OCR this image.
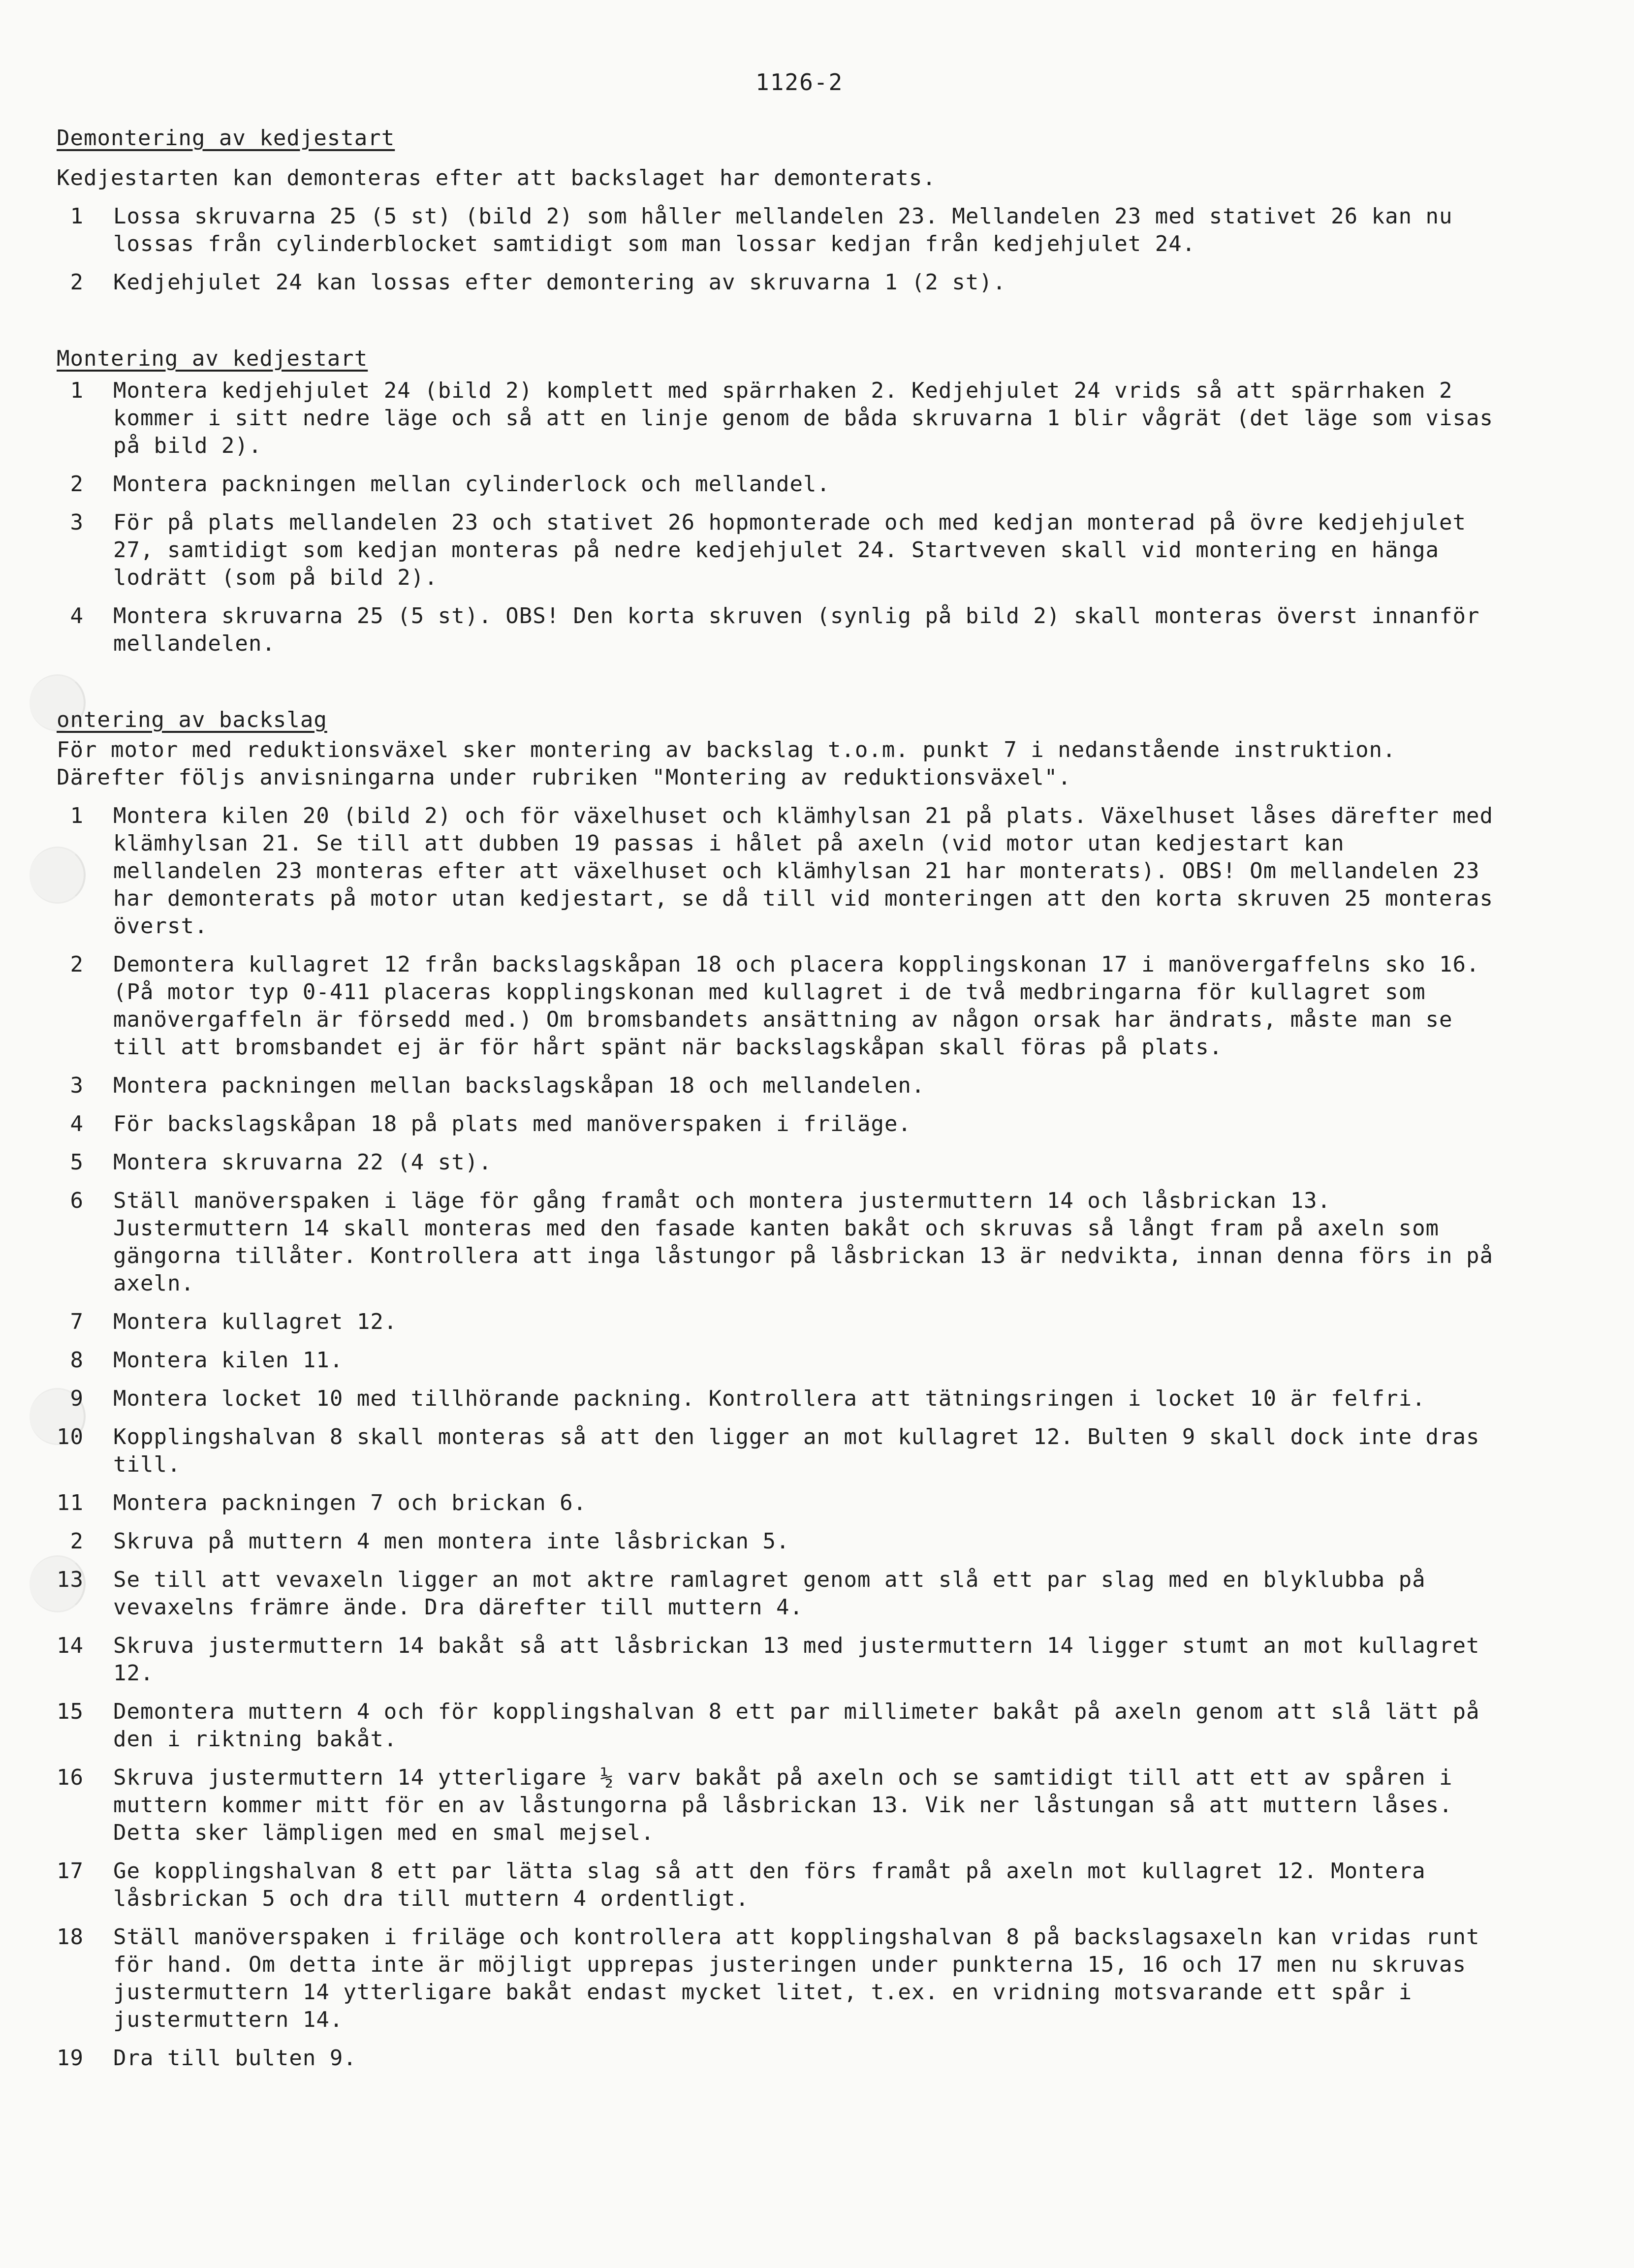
1126-2

Demontering av kedjestart

Kedjestarten kan demonteras efter att backslaget har demonterats.

1	Lossa skruvarna 25 (5 st) (bild 2) som håller mellandelen 23. Mellandelen 23 med stativet 26 kan nu lossas från cylinderblocket samtidigt som man lossar kedjan från kedjehjulet 24.
2	Kedjehjulet 24 kan lossas efter demontering av skruvarna 1 (2 st).

Montering av kedjestart

1	Montera kedjehjulet 24 (bild 2) komplett med spärrhaken 2. Kedjehjulet 24 vrids så att spärrhaken 2 kommer i sitt nedre läge och så att en linje genom de båda skruvarna 1 blir vågrät (det läge som visas på bild 2).
2	Montera packningen mellan cylinderlock och mellandel.
3	För på plats mellandelen 23 och stativet 26 hopmonterade och med kedjan monterad på övre kedjehjulet 27, samtidigt som kedjan monteras på nedre kedjehjulet 24. Startveven skall vid montering en hänga lodrätt (som på bild 2).
4	Montera skruvarna 25 (5 st). OBS! Den korta skruven (synlig på bild 2) skall monteras överst innanför mellandelen.

ontering av backslag

För motor med reduktionsväxel sker montering av backslag t.o.m. punkt 7 i nedanstående instruktion. Därefter följs anvisningarna under rubriken "Montering av reduktionsväxel".

1	Montera kilen 20 (bild 2) och för växelhuset och klämhylsan 21 på plats. Växelhuset låses därefter med klämhylsan 21. Se till att dubben 19 passas i hålet på axeln (vid motor utan kedjestart kan mellandelen 23 monteras efter att växelhuset och klämhylsan 21 har monterats). OBS! Om mellandelen 23 har demonterats på motor utan kedjestart, se då till vid monteringen att den korta skruven 25 monteras överst.
2	Demontera kullagret 12 från backslagskåpan 18 och placera kopplingskonan 17 i manövergaffelns sko 16. (På motor typ 0-411 placeras kopplingskonan med kullagret i de två medbringarna för kullagret som manövergaffeln är försedd med.) Om bromsbandets ansättning av någon orsak har ändrats, måste man se till att bromsbandet ej är för hårt spänt när backslagskåpan skall föras på plats.
3	Montera packningen mellan backslagskåpan 18 och mellandelen.
4	För backslagskåpan 18 på plats med manöverspaken i friläge.
5	Montera skruvarna 22 (4 st).
6	Ställ manöverspaken i läge för gång framåt och montera justermuttern 14 och låsbrickan 13. Justermuttern 14 skall monteras med den fasade kanten bakåt och skruvas så långt fram på axeln som gängorna tillåter. Kontrollera att inga låstungor på låsbrickan 13 är nedvikta, innan denna förs in på axeln.
7	Montera kullagret 12.
8	Montera kilen 11.
9	Montera locket 10 med tillhörande packning. Kontrollera att tätningsringen i locket 10 är felfri.
10	Kopplingshalvan 8 skall monteras så att den ligger an mot kullagret 12. Bulten 9 skall dock inte dras till.
11	Montera packningen 7 och brickan 6.
2	Skruva på muttern 4 men montera inte låsbrickan 5.
13	Se till att vevaxeln ligger an mot aktre ramlagret genom att slå ett par slag med en blyklubba på vevaxelns främre ände. Dra därefter till muttern 4.
14	Skruva justermuttern 14 bakåt så att låsbrickan 13 med justermuttern 14 ligger stumt an mot kullagret 12.
15	Demontera muttern 4 och för kopplingshalvan 8 ett par millimeter bakåt på axeln genom att slå lätt på den i riktning bakåt.
16	Skruva justermuttern 14 ytterligare ½ varv bakåt på axeln och se samtidigt till att ett av spåren i muttern kommer mitt för en av låstungorna på låsbrickan 13. Vik ner låstungan så att muttern låses. Detta sker lämpligen med en smal mejsel.
17	Ge kopplingshalvan 8 ett par lätta slag så att den förs framåt på axeln mot kullagret 12. Montera låsbrickan 5 och dra till muttern 4 ordentligt.
18	Ställ manöverspaken i friläge och kontrollera att kopplingshalvan 8 på backslagsaxeln kan vridas runt för hand. Om detta inte är möjligt upprepas justeringen under punkterna 15, 16 och 17 men nu skruvas justermuttern 14 ytterligare bakåt endast mycket litet, t.ex. en vridning motsvarande ett spår i justermuttern 14.
19	Dra till bulten 9.
